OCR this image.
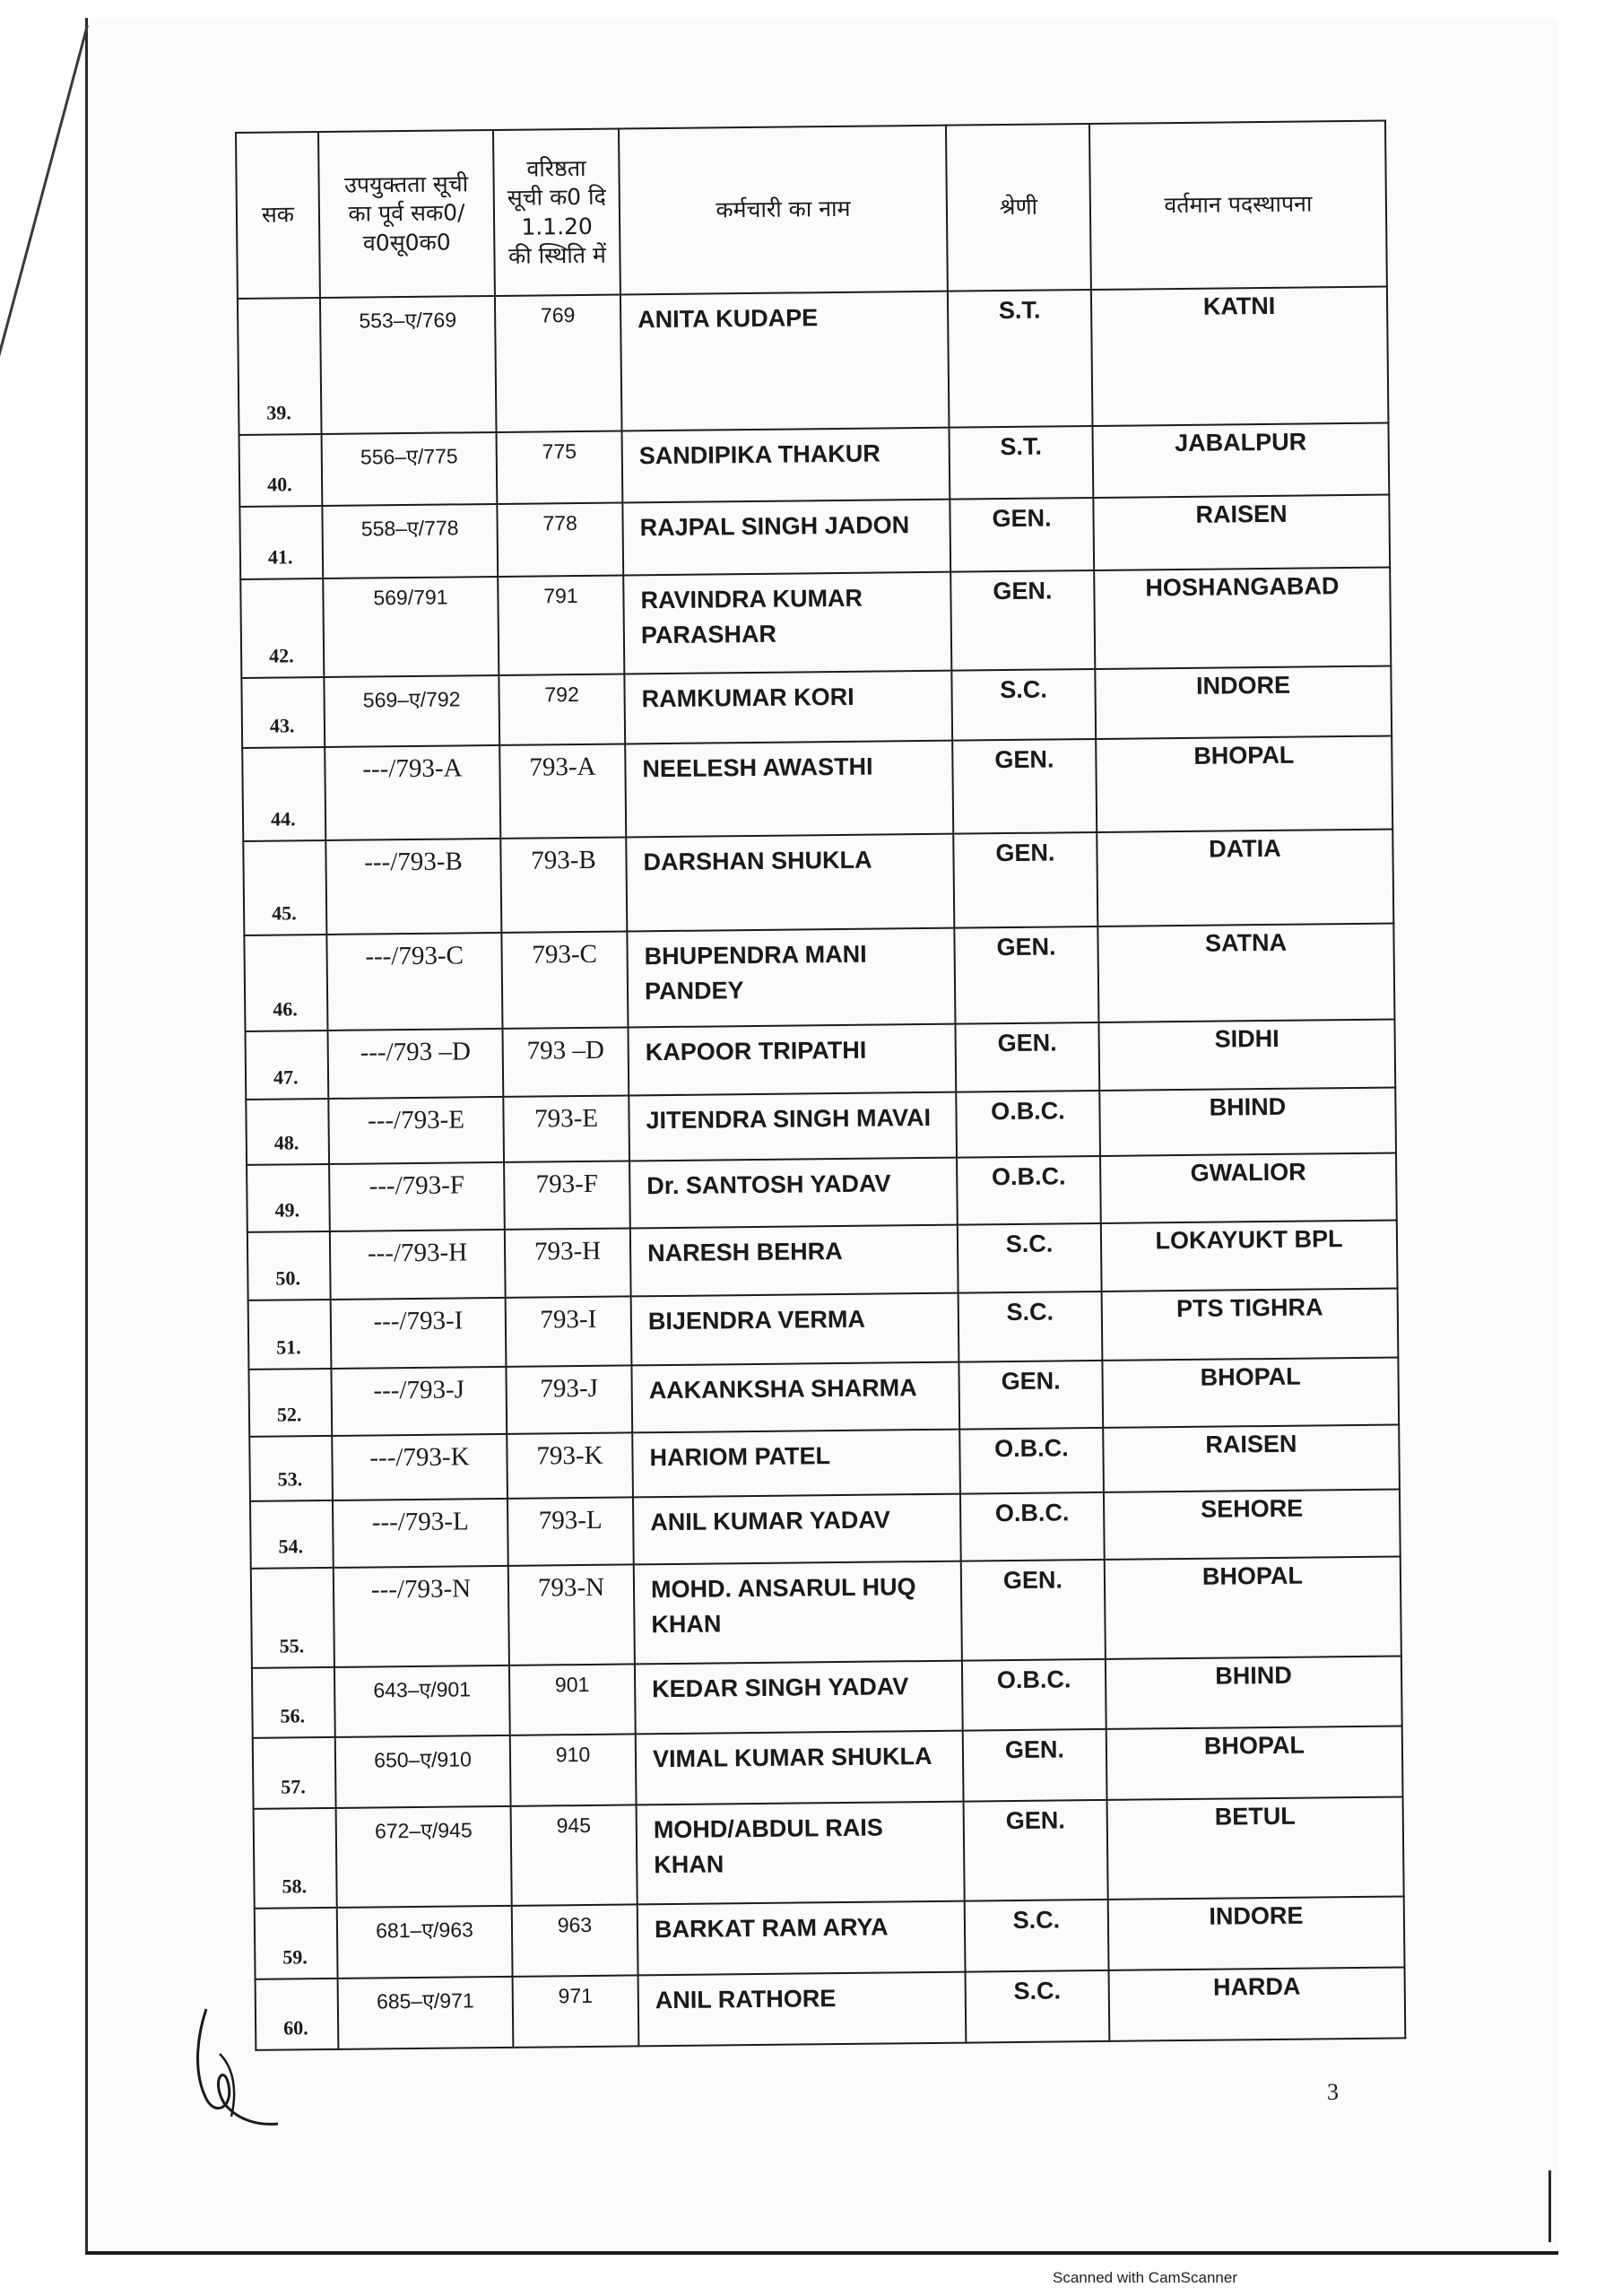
सक	उपयुक्तता सूची का पूर्व सक0/व0सू0क0	वरिष्ठता सूची क0 दि 1.1.20 की स्थिति में	कर्मचारी का नाम	श्रेणी	वर्तमान पदस्थापना
39.	553–ए/769	769	ANITA KUDAPE	S.T.	KATNI
40.	556–ए/775	775	SANDIPIKA THAKUR	S.T.	JABALPUR
41.	558–ए/778	778	RAJPAL SINGH JADON	GEN.	RAISEN
42.	569/791	791	RAVINDRA KUMAR PARASHAR	GEN.	HOSHANGABAD
43.	569–ए/792	792	RAMKUMAR KORI	S.C.	INDORE
44.	---/793-A	793-A	NEELESH AWASTHI	GEN.	BHOPAL
45.	---/793-B	793-B	DARSHAN SHUKLA	GEN.	DATIA
46.	---/793-C	793-C	BHUPENDRA MANI PANDEY	GEN.	SATNA
47.	---/793 –D	793 –D	KAPOOR TRIPATHI	GEN.	SIDHI
48.	---/793-E	793-E	JITENDRA SINGH MAVAI	O.B.C.	BHIND
49.	---/793-F	793-F	Dr. SANTOSH YADAV	O.B.C.	GWALIOR
50.	---/793-H	793-H	NARESH BEHRA	S.C.	LOKAYUKT BPL
51.	---/793-I	793-I	BIJENDRA VERMA	S.C.	PTS TIGHRA
52.	---/793-J	793-J	AAKANKSHA SHARMA	GEN.	BHOPAL
53.	---/793-K	793-K	HARIOM PATEL	O.B.C.	RAISEN
54.	---/793-L	793-L	ANIL KUMAR YADAV	O.B.C.	SEHORE
55.	---/793-N	793-N	MOHD. ANSARUL HUQ KHAN	GEN.	BHOPAL
56.	643–ए/901	901	KEDAR SINGH YADAV	O.B.C.	BHIND
57.	650–ए/910	910	VIMAL KUMAR SHUKLA	GEN.	BHOPAL
58.	672–ए/945	945	MOHD/ABDUL RAIS KHAN	GEN.	BETUL
59.	681–ए/963	963	BARKAT RAM ARYA	S.C.	INDORE
60.	685–ए/971	971	ANIL RATHORE	S.C.	HARDA
3
Scanned with CamScanner
